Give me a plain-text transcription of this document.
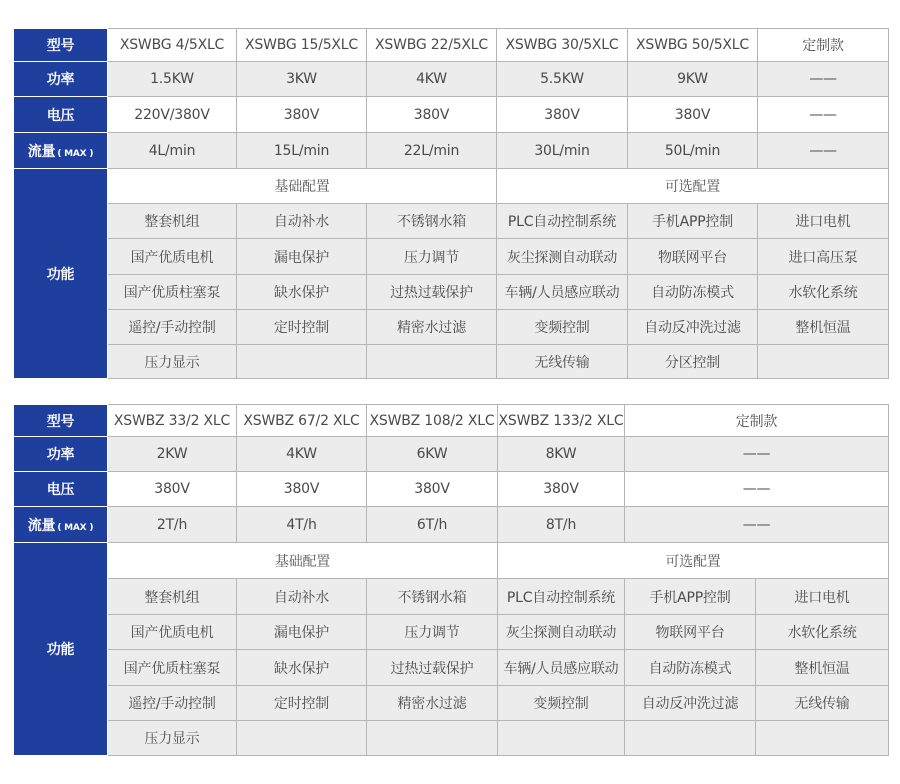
型号	XSWBG 4/5XLC	XSWBG 15/5XLC	XSWBG 22/5XLC	XSWBG 30/5XLC	XSWBG 50/5XLC	定制款
功率	1.5KW	3KW	4KW	5.5KW	9KW	——
电压	220V/380V	380V	380V	380V	380V	——
流量 ( MAX )	4L/min	15L/min	22L/min	30L/min	50L/min	——
功能	基础配置			可选配置		
	整套机组	自动补水	不锈钢水箱	PLC自动控制系统	手机APP控制	进口电机
	国产优质电机	漏电保护	压力调节	灰尘探测自动联动	物联网平台	进口高压泵
	国产优质柱塞泵	缺水保护	过热过载保护	车辆/人员感应联动	自动防冻模式	水软化系统
	遥控/手动控制	定时控制	精密水过滤	变频控制	自动反冲洗过滤	整机恒温
	压力显示			无线传输	分区控制	
型号	XSWBZ 33/2 XLC	XSWBZ 67/2 XLC	XSWBZ 108/2 XLC	XSWBZ 133/2 XLC	定制款	
功率	2KW	4KW	6KW	8KW	——	
电压	380V	380V	380V	380V	——	
流量 ( MAX )	2T/h	4T/h	6T/h	8T/h	——	
功能	基础配置			可选配置		
	整套机组	自动补水	不锈钢水箱	PLC自动控制系统	手机APP控制	进口电机
	国产优质电机	漏电保护	压力调节	灰尘探测自动联动	物联网平台	水软化系统
	国产优质柱塞泵	缺水保护	过热过载保护	车辆/人员感应联动	自动防冻模式	整机恒温
	遥控/手动控制	定时控制	精密水过滤	变频控制	自动反冲洗过滤	无线传输
	压力显示					
